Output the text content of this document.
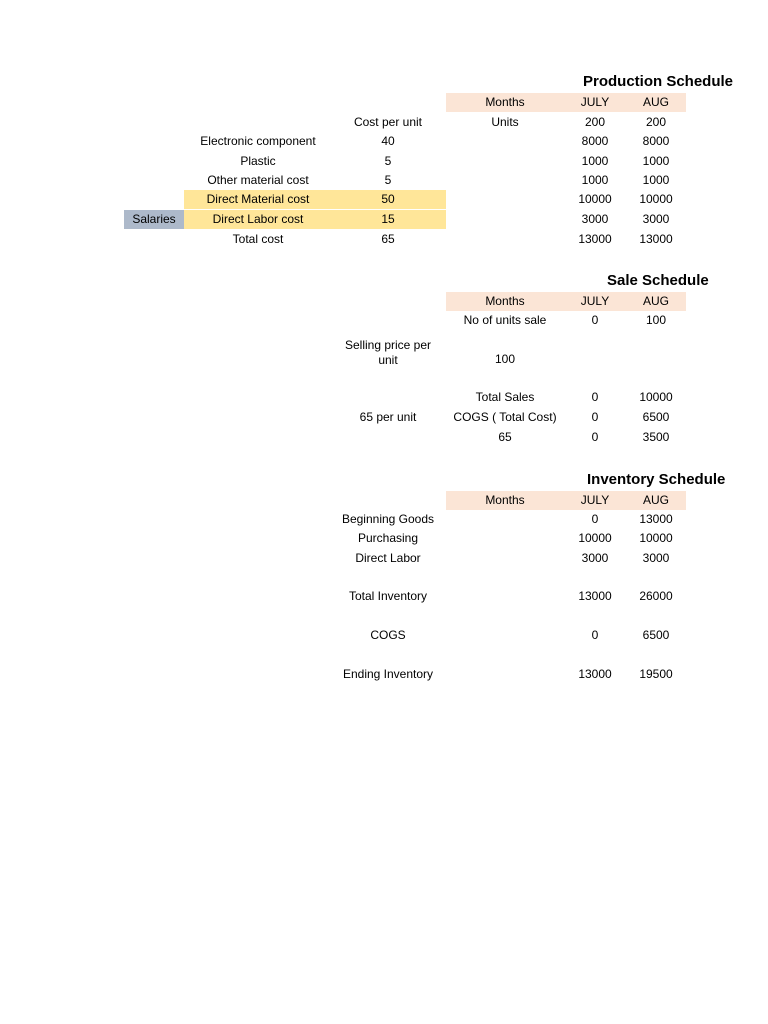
Production Schedule
Months	JULY	AUG
Cost per unit	Units	200	200
Salaries
Electronic component	40	8000	8000
Plastic	5	1000	1000
Other material cost	5	1000	1000
Direct Material cost	50	10000	10000
Direct Labor cost	15	3000	3000
Total cost	65	13000	13000
Sale Schedule
Months	JULY	AUG
No of units sale	0	100
Selling price per
unit	100
Total Sales	0	10000
65 per unit	COGS ( Total Cost)	0	6500
65	0	3500
Inventory Schedule
Months	JULY	AUG
Beginning Goods	0	13000
Purchasing	10000	10000
Direct Labor	3000	3000
Total Inventory	13000	26000
COGS	0	6500
Ending Inventory	13000	19500
